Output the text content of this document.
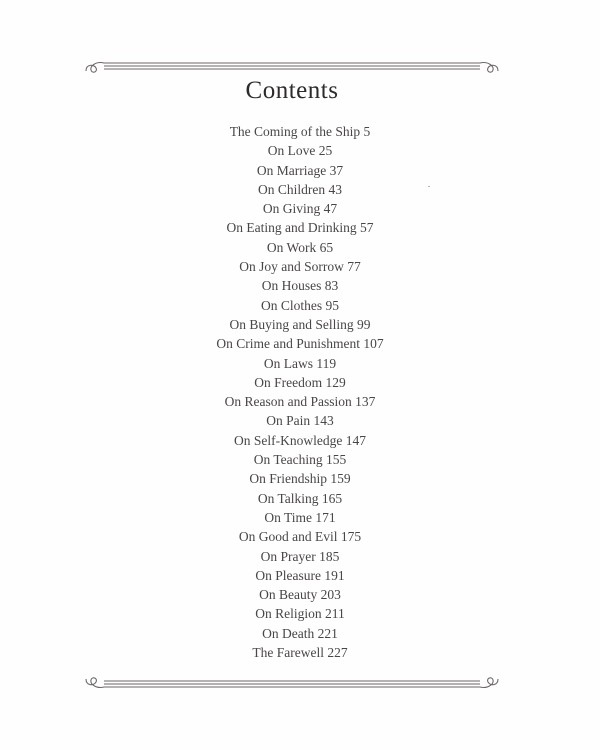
Contents
The Coming of the Ship 5
On Love 25
On Marriage 37
On Children 43
On Giving 47
On Eating and Drinking 57
On Work 65
On Joy and Sorrow 77
On Houses 83
On Clothes 95
On Buying and Selling 99
On Crime and Punishment 107
On Laws 119
On Freedom 129
On Reason and Passion 137
On Pain 143
On Self-Knowledge 147
On Teaching 155
On Friendship 159
On Talking 165
On Time 171
On Good and Evil 175
On Prayer 185
On Pleasure 191
On Beauty 203
On Religion 211
On Death 221
The Farewell 227
